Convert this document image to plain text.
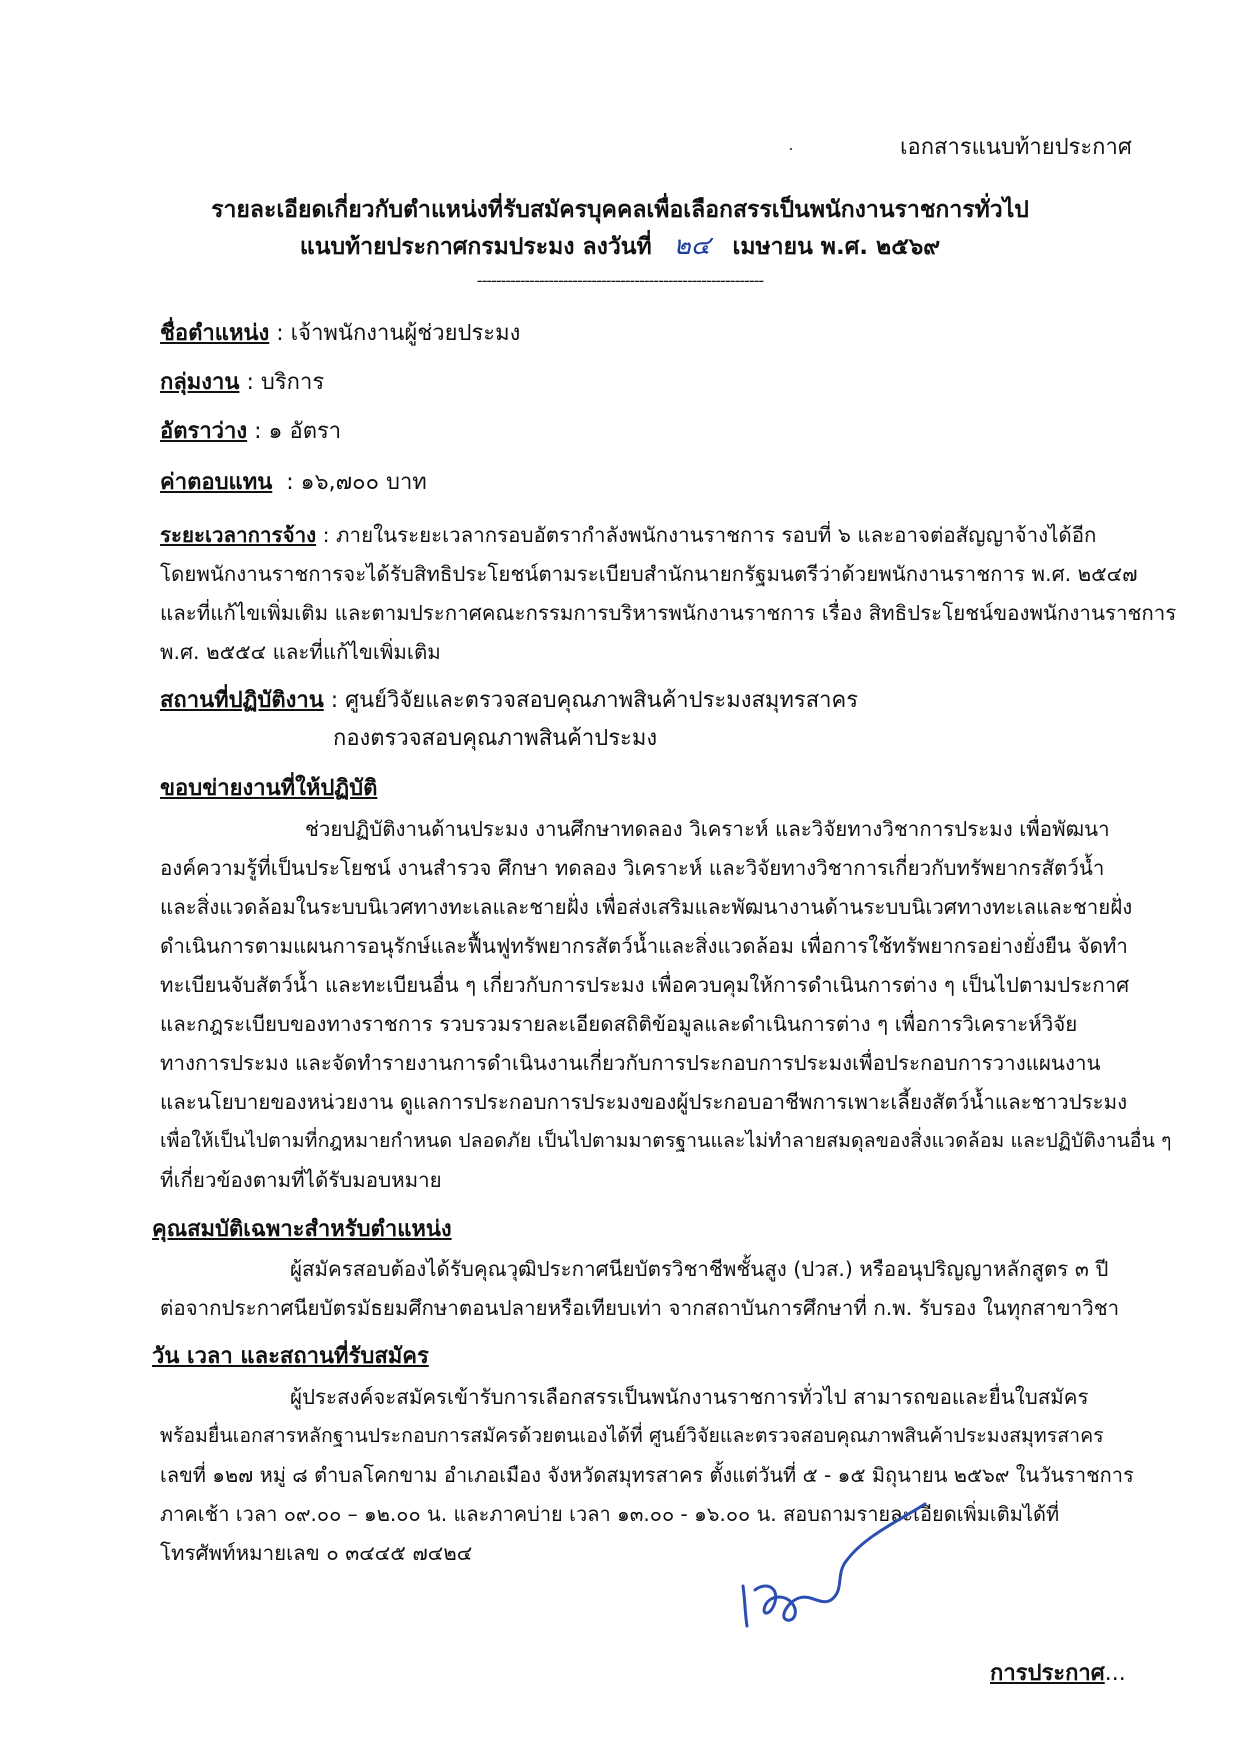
เอกสารแนบท้ายประกาศ
รายละเอียดเกี่ยวกับตำแหน่งที่รับสมัครบุคคลเพื่อเลือกสรรเป็นพนักงานราชการทั่วไป
แนบท้ายประกาศกรมประมง ลงวันที่ ๒๔ เมษายน พ.ศ. ๒๕๖๙
------------------------------------------------------------
ชื่อตำแหน่ง : เจ้าพนักงานผู้ช่วยประมง
กลุ่มงาน : บริการ
อัตราว่าง : ๑ อัตรา
ค่าตอบแทน  : ๑๖,๗๐๐ บาท
ระยะเวลาการจ้าง : ภายในระยะเวลากรอบอัตรากำลังพนักงานราชการ รอบที่ ๖ และอาจต่อสัญญาจ้างได้อีก
โดยพนักงานราชการจะได้รับสิทธิประโยชน์ตามระเบียบสำนักนายกรัฐมนตรีว่าด้วยพนักงานราชการ พ.ศ. ๒๕๔๗
และที่แก้ไขเพิ่มเติม และตามประกาศคณะกรรมการบริหารพนักงานราชการ เรื่อง สิทธิประโยชน์ของพนักงานราชการ
พ.ศ. ๒๕๕๔ และที่แก้ไขเพิ่มเติม
สถานที่ปฏิบัติงาน : ศูนย์วิจัยและตรวจสอบคุณภาพสินค้าประมงสมุทรสาคร
กองตรวจสอบคุณภาพสินค้าประมง
ขอบข่ายงานที่ให้ปฏิบัติ
ช่วยปฏิบัติงานด้านประมง งานศึกษาทดลอง วิเคราะห์ และวิจัยทางวิชาการประมง เพื่อพัฒนา
องค์ความรู้ที่เป็นประโยชน์ งานสำรวจ ศึกษา ทดลอง วิเคราะห์ และวิจัยทางวิชาการเกี่ยวกับทรัพยากรสัตว์น้ำ
และสิ่งแวดล้อมในระบบนิเวศทางทะเลและชายฝั่ง เพื่อส่งเสริมและพัฒนางานด้านระบบนิเวศทางทะเลและชายฝั่ง
ดำเนินการตามแผนการอนุรักษ์และฟื้นฟูทรัพยากรสัตว์น้ำและสิ่งแวดล้อม เพื่อการใช้ทรัพยากรอย่างยั่งยืน จัดทำ
ทะเบียนจับสัตว์น้ำ และทะเบียนอื่น ๆ เกี่ยวกับการประมง เพื่อควบคุมให้การดำเนินการต่าง ๆ เป็นไปตามประกาศ
และกฎระเบียบของทางราชการ รวบรวมรายละเอียดสถิติข้อมูลและดำเนินการต่าง ๆ เพื่อการวิเคราะห์วิจัย
ทางการประมง และจัดทำรายงานการดำเนินงานเกี่ยวกับการประกอบการประมงเพื่อประกอบการวางแผนงาน
และนโยบายของหน่วยงาน ดูแลการประกอบการประมงของผู้ประกอบอาชีพการเพาะเลี้ยงสัตว์น้ำและชาวประมง
เพื่อให้เป็นไปตามที่กฎหมายกำหนด ปลอดภัย เป็นไปตามมาตรฐานและไม่ทำลายสมดุลของสิ่งแวดล้อม และปฏิบัติงานอื่น ๆ
ที่เกี่ยวข้องตามที่ได้รับมอบหมาย
คุณสมบัติเฉพาะสำหรับตำแหน่ง
ผู้สมัครสอบต้องได้รับคุณวุฒิประกาศนียบัตรวิชาชีพชั้นสูง (ปวส.) หรืออนุปริญญาหลักสูตร ๓ ปี
ต่อจากประกาศนียบัตรมัธยมศึกษาตอนปลายหรือเทียบเท่า จากสถาบันการศึกษาที่ ก.พ. รับรอง ในทุกสาขาวิชา
วัน เวลา และสถานที่รับสมัคร
ผู้ประสงค์จะสมัครเข้ารับการเลือกสรรเป็นพนักงานราชการทั่วไป สามารถขอและยื่นใบสมัคร
พร้อมยื่นเอกสารหลักฐานประกอบการสมัครด้วยตนเองได้ที่ ศูนย์วิจัยและตรวจสอบคุณภาพสินค้าประมงสมุทรสาคร
เลขที่ ๑๒๗ หมู่ ๘ ตำบลโคกขาม อำเภอเมือง จังหวัดสมุทรสาคร ตั้งแต่วันที่ ๕ - ๑๕ มิถุนายน ๒๕๖๙ ในวันราชการ
ภาคเช้า เวลา ๐๙.๐๐ – ๑๒.๐๐ น. และภาคบ่าย เวลา ๑๓.๐๐ - ๑๖.๐๐ น. สอบถามรายละเอียดเพิ่มเติมได้ที่
โทรศัพท์หมายเลข ๐ ๓๔๔๕ ๗๔๒๔
การประกาศ...
